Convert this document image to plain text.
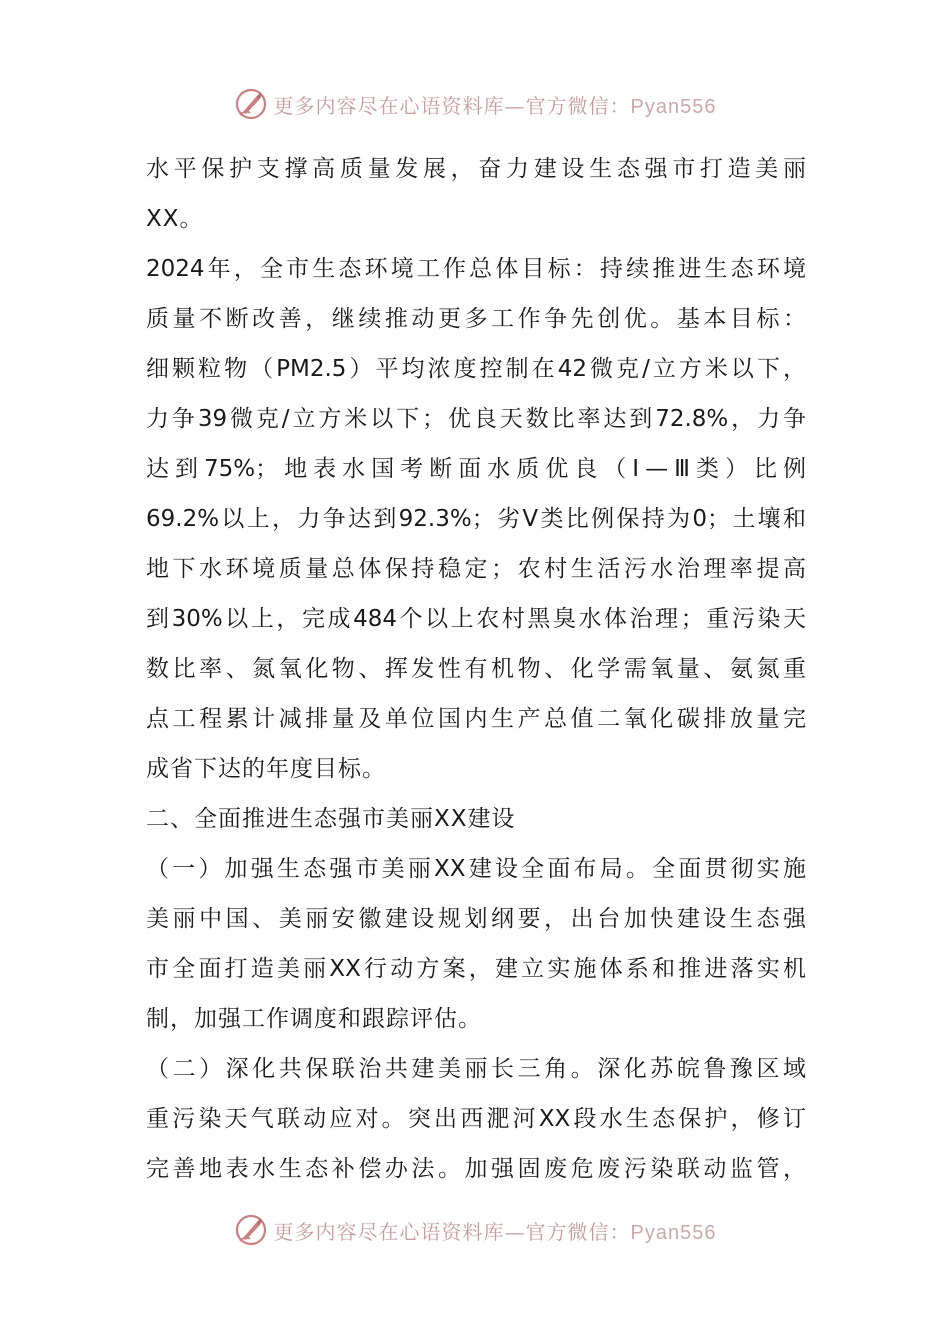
更多内容尽在心语资料库—官方微信：Pyan556
水平保护支撑高质量发展，奋力建设生态强市打造美丽
XX。
2024年，全市生态环境工作总体目标：持续推进生态环境
质量不断改善，继续推动更多工作争先创优。基本目标：
细颗粒物（PM2.5）平均浓度控制在42微克/立方米以下，
力争39微克/立方米以下；优良天数比率达到72.8%，力争
达到75%；地表水国考断面水质优良（Ⅰ—Ⅲ类）比例
69.2%以上，力争达到92.3%；劣V类比例保持为0；土壤和
地下水环境质量总体保持稳定；农村生活污水治理率提高
到30%以上，完成484个以上农村黑臭水体治理；重污染天
数比率、氮氧化物、挥发性有机物、化学需氧量、氨氮重
点工程累计减排量及单位国内生产总值二氧化碳排放量完
成省下达的年度目标。
二、全面推进生态强市美丽XX建设
（一）加强生态强市美丽XX建设全面布局。全面贯彻实施
美丽中国、美丽安徽建设规划纲要，出台加快建设生态强
市全面打造美丽XX行动方案，建立实施体系和推进落实机
制，加强工作调度和跟踪评估。
（二）深化共保联治共建美丽长三角。深化苏皖鲁豫区域
重污染天气联动应对。突出西淝河XX段水生态保护，修订
完善地表水生态补偿办法。加强固废危废污染联动监管，
更多内容尽在心语资料库—官方微信：Pyan556
